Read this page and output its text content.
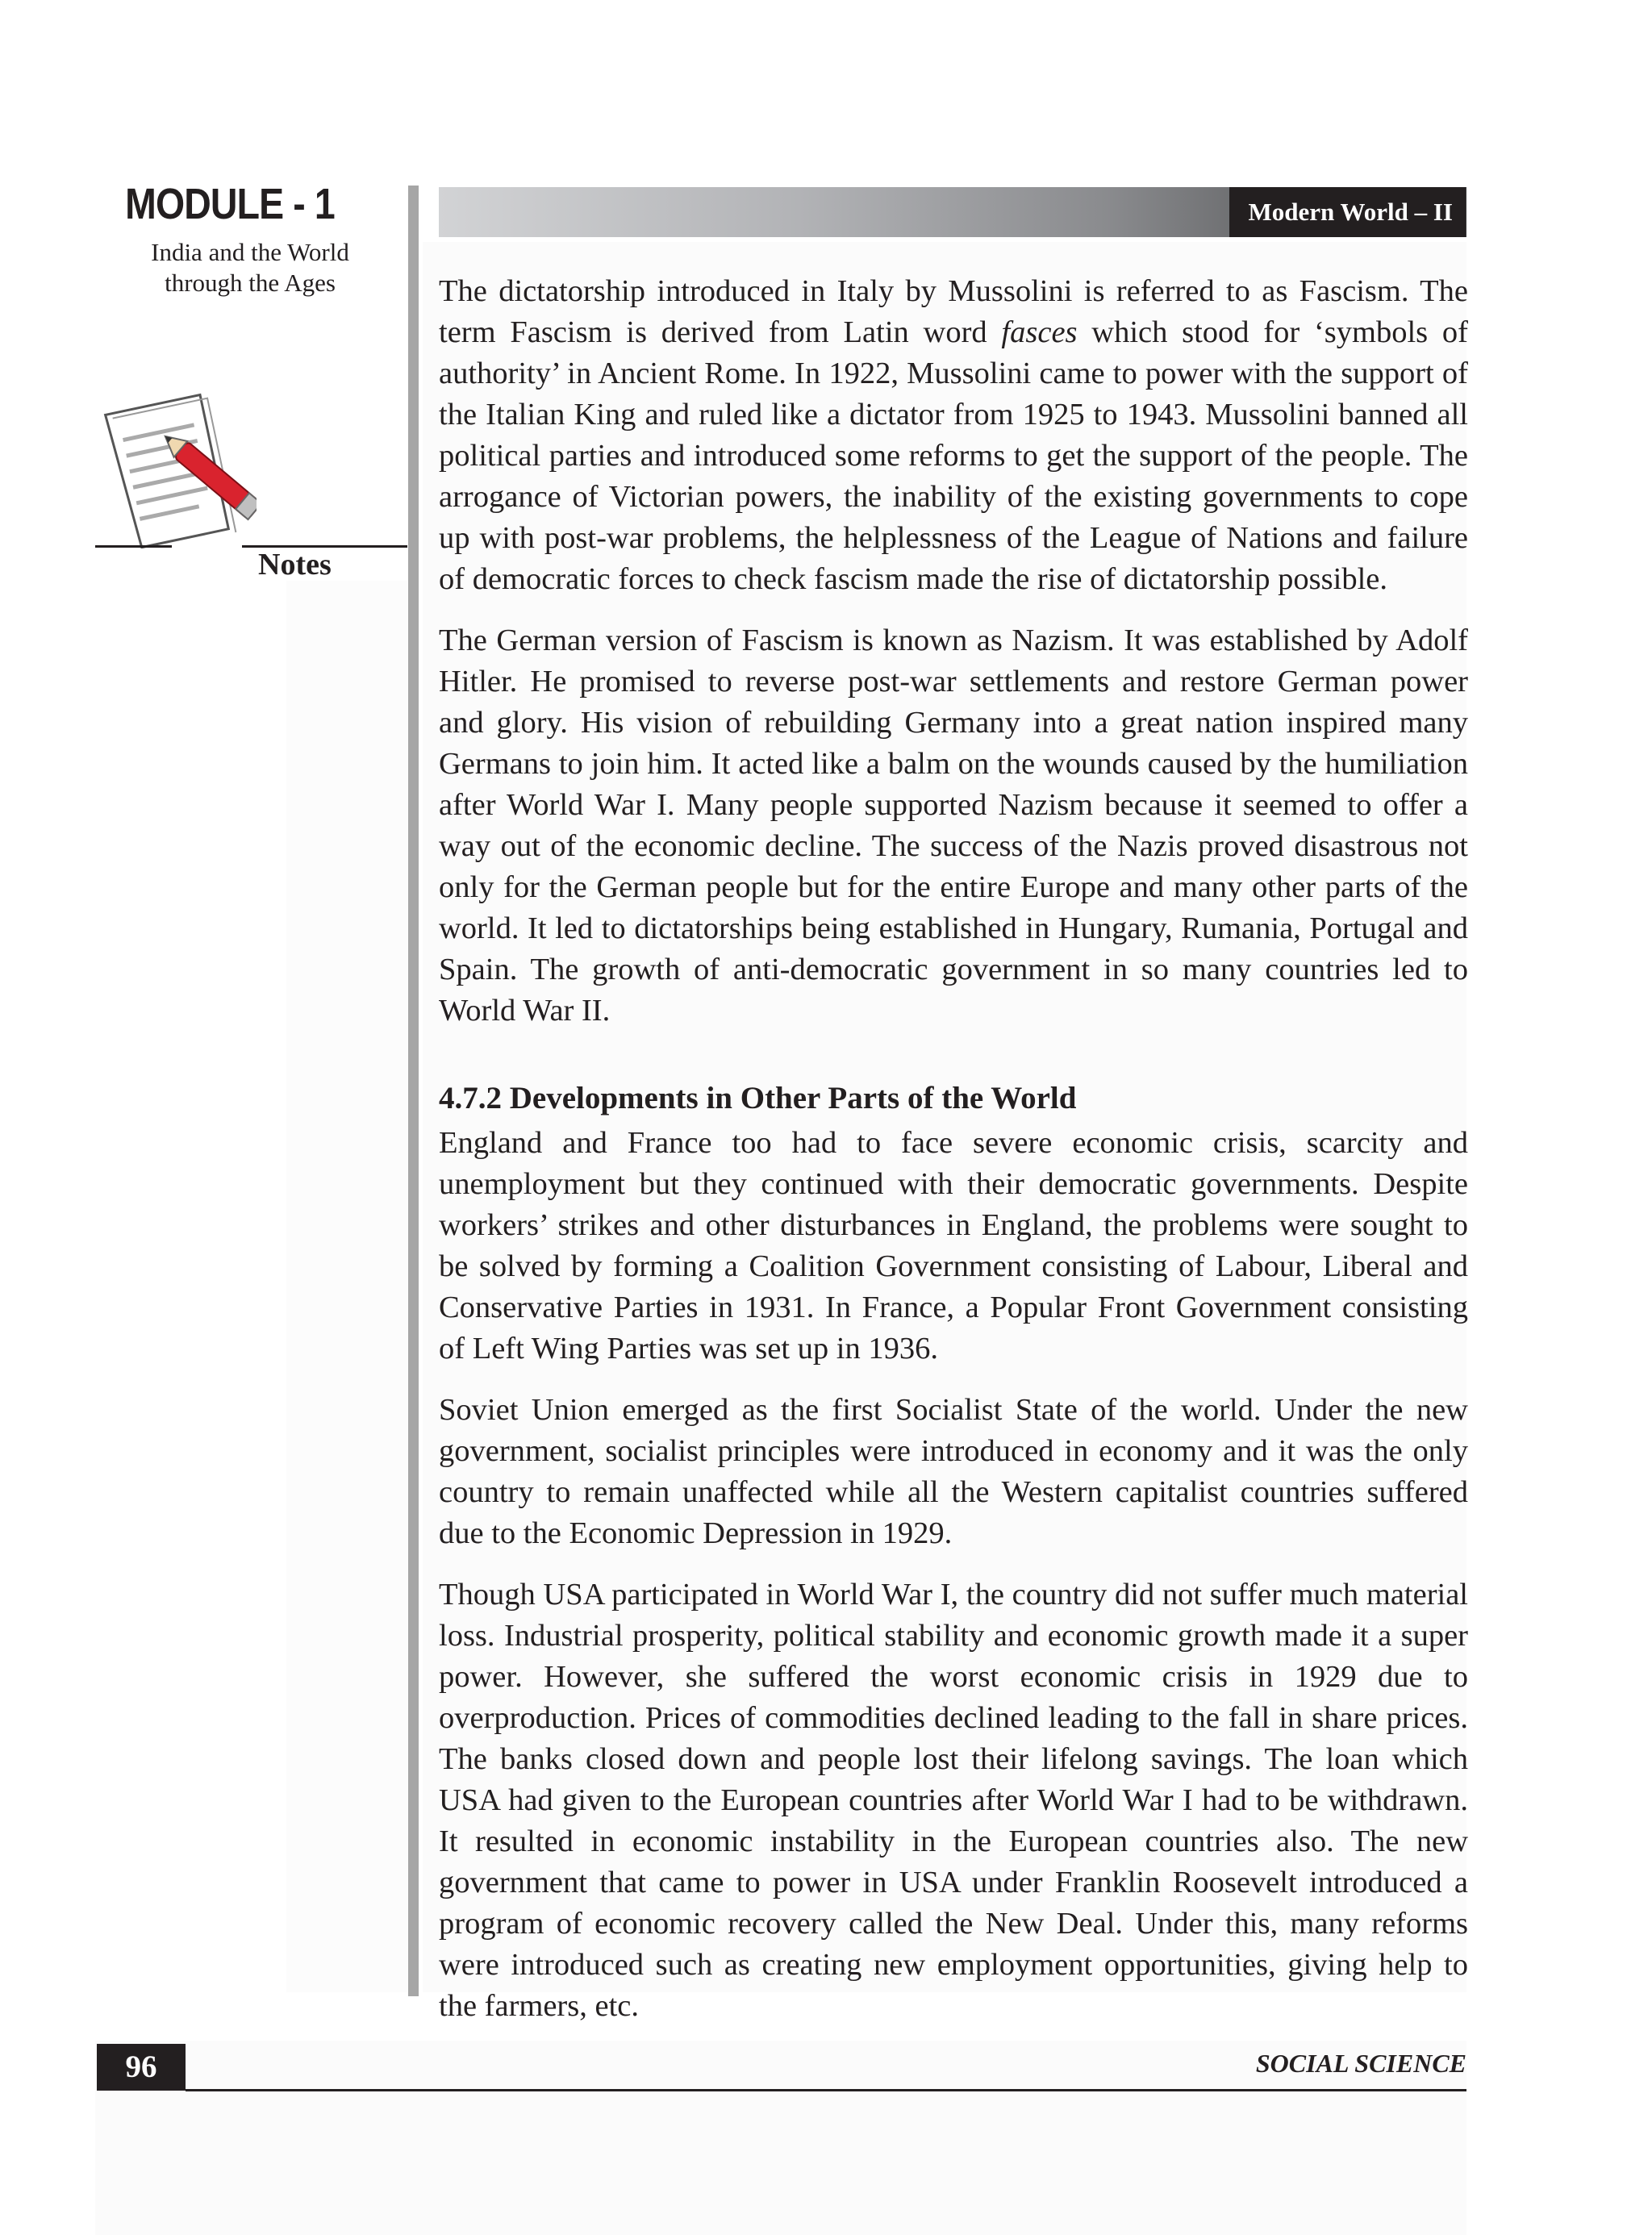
MODULE - 1
India and the World
through the Ages
Notes
Modern World – II

The dictatorship introduced in Italy by Mussolini is referred to as Fascism. The term Fascism is derived from Latin word fasces which stood for ‘symbols of authority’ in Ancient Rome. In 1922, Mussolini came to power with the support of the Italian King and ruled like a dictator from 1925 to 1943. Mussolini banned all political parties and introduced some reforms to get the support of the people. The arrogance of Victorian powers, the inability of the existing governments to cope up with post-war problems, the helplessness of the League of Nations and failure of democratic forces to check fascism made the rise of dictatorship possible.

The German version of Fascism is known as Nazism. It was established by Adolf Hitler. He promised to reverse post-war settlements and restore German power and glory. His vision of rebuilding Germany into a great nation inspired many Germans to join him. It acted like a balm on the wounds caused by the humiliation after World War I. Many people supported Nazism because it seemed to offer a way out of the economic decline. The success of the Nazis proved disastrous not only for the German people but for the entire Europe and many other parts of the world. It led to dictatorships being established in Hungary, Rumania, Portugal and Spain. The growth of anti-democratic government in so many countries led to World War II.

4.7.2 Developments in Other Parts of the World

England and France too had to face severe economic crisis, scarcity and unemployment but they continued with their democratic governments. Despite workers’ strikes and other disturbances in England, the problems were sought to be solved by forming a Coalition Government consisting of Labour, Liberal and Conservative Parties in 1931. In France, a Popular Front Government consisting of Left Wing Parties was set up in 1936.

Soviet Union emerged as the first Socialist State of the world. Under the new government, socialist principles were introduced in economy and it was the only country to remain unaffected while all the Western capitalist countries suffered due to the Economic Depression in 1929.

Though USA participated in World War I, the country did not suffer much material loss. Industrial prosperity, political stability and economic growth made it a super power. However, she suffered the worst economic crisis in 1929 due to overproduction. Prices of commodities declined leading to the fall in share prices. The banks closed down and people lost their lifelong savings. The loan which USA had given to the European countries after World War I had to be withdrawn. It resulted in economic instability in the European countries also. The new government that came to power in USA under Franklin Roosevelt introduced a program of economic recovery called the New Deal. Under this, many reforms were introduced such as creating new employment opportunities, giving help to the farmers, etc.

96	SOCIAL SCIENCE
